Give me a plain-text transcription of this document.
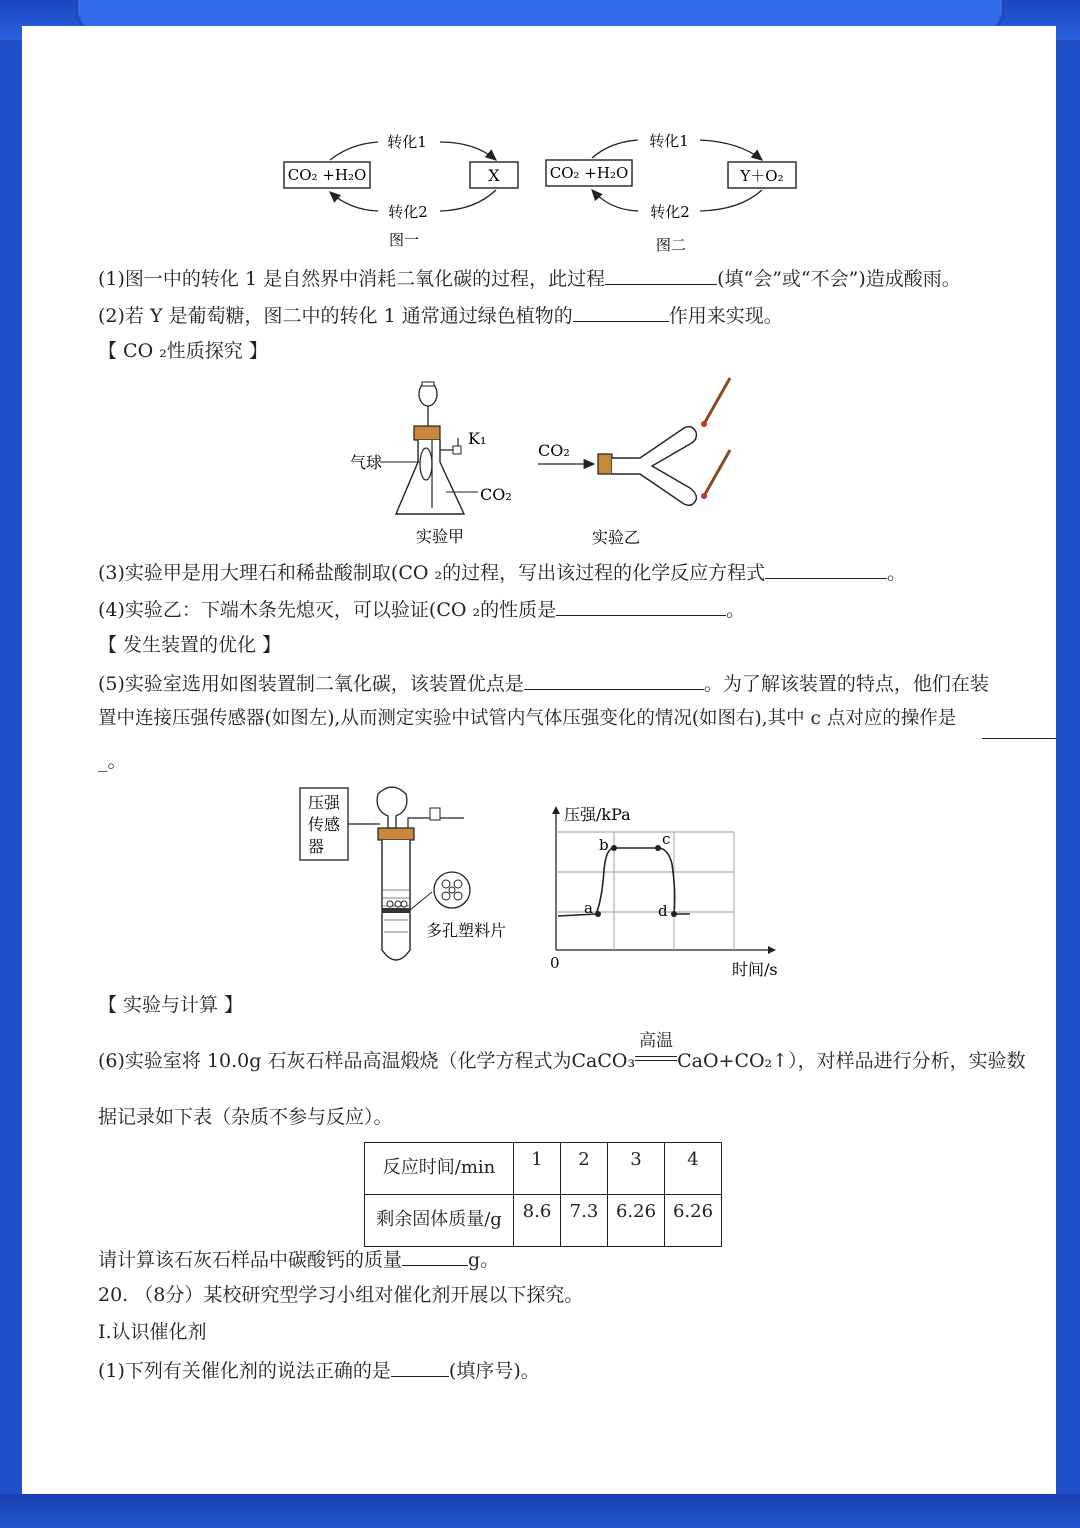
CO₂ +H₂O	X
转化1
转化2
图一
CO₂ +H₂O	Y＋O₂
转化1
转化2
图二
(1)图一中的转化 1 是自然界中消耗二氧化碳的过程，此过程	(填“会”或“不会”)造成酸雨。
(2)若 Y 是葡萄糖，图二中的转化 1 通常通过绿色植物的	作用来实现。
【 CO ₂性质探究 】
气球
K₁
CO₂
实验甲
CO₂
实验乙
(3)实验甲是用大理石和稀盐酸制取(CO ₂的过程，写出该过程的化学反应方程式	。
(4)实验乙：下端木条先熄灭，可以验证(CO ₂的性质是	。
【 发生装置的优化 】
(5)实验室选用如图装置制二氧化碳，该装置优点是	。为了解该装置的特点，他们在装
置中连接压强传感器(如图左),从而测定实验中试管内气体压强变化的情况(如图右),其中 c 点对应的操作是
_。
压强
传感
器
多孔塑料片
压强/kPa
时间/s
0
a
b	c
d
【 实验与计算 】
(6)实验室将 10.0g 石灰石样品高温煅烧（化学方程式为CaCO₃
高温
CaO+CO₂↑），对样品进行分析，实验数
据记录如下表（杂质不参与反应）。
反应时间/min	1	2	3	4
剩余固体质量/g	8.6	7.3	6.26	6.26
请计算该石灰石样品中碳酸钙的质量	g。
20. （8分）某校研究型学习小组对催化剂开展以下探究。
Ⅰ.认识催化剂
(1)下列有关催化剂的说法正确的是	(填序号)。
